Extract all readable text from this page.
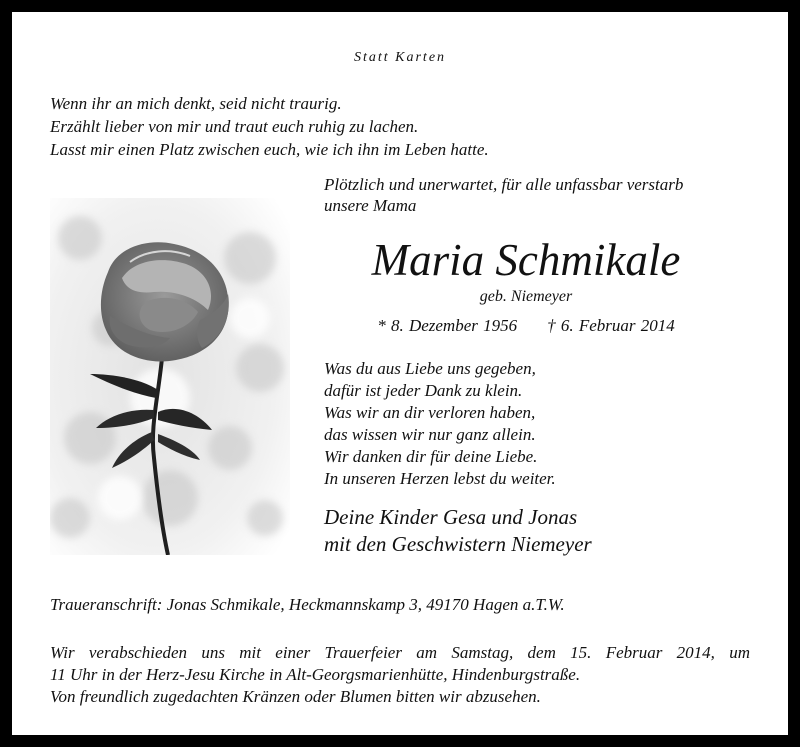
Statt Karten
Wenn ihr an mich denkt, seid nicht traurig.
Erzählt lieber von mir und traut euch ruhig zu lachen.
Lasst mir einen Platz zwischen euch, wie ich ihn im Leben hatte.
Plötzlich und unerwartet, für alle unfassbar verstarb
unsere Mama
Maria Schmikale
geb. Niemeyer
* 8. Dezember 1956 † 6. Februar 2014
Was du aus Liebe uns gegeben,
dafür ist jeder Dank zu klein.
Was wir an dir verloren haben,
das wissen wir nur ganz allein.
Wir danken dir für deine Liebe.
In unseren Herzen lebst du weiter.
Deine Kinder Gesa und Jonas
mit den Geschwistern Niemeyer
Traueranschrift: Jonas Schmikale, Heckmannskamp 3, 49170 Hagen a.T.W.
Wir verabschieden uns mit einer Trauerfeier am Samstag, dem 15. Februar 2014, um
11 Uhr in der Herz-Jesu Kirche in Alt-Georgsmarienhütte, Hindenburgstraße.
Von freundlich zugedachten Kränzen oder Blumen bitten wir abzusehen.
